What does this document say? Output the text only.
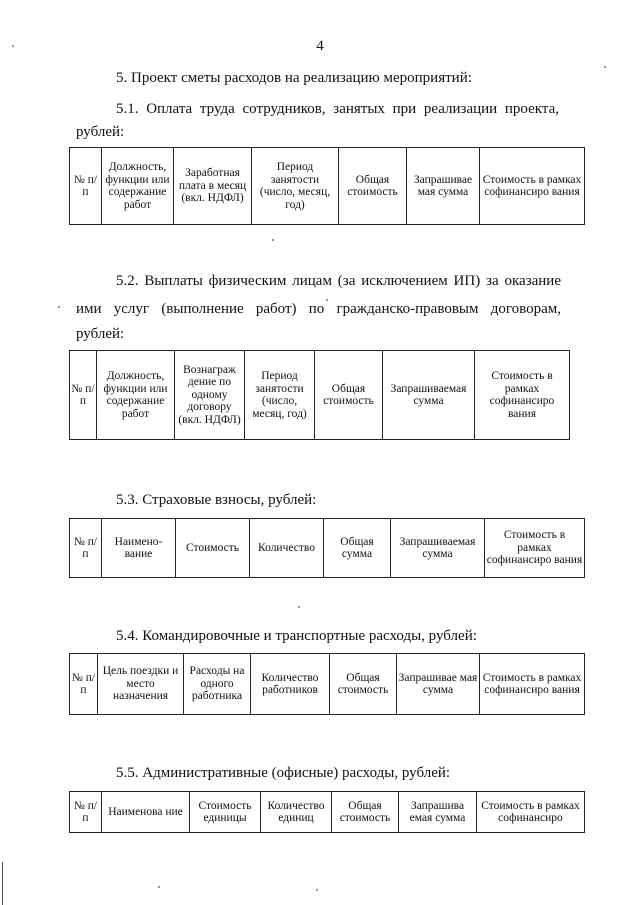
4
5. Проект сметы расходов на реализацию мероприятий:
5.1. Оплата труда сотрудников, занятых при реализации проекта,
рублей:
№ п/п	Должность, функции или содержание работ	Заработная плата в месяц (вкл. НДФЛ)	Период занятости (число, месяц, год)	Общая стоимость	Запрашивае мая сумма	Стоимость в рамках софинансиро вания
5.2. Выплаты физическим лицам (за исключением ИП) за оказание
ими услуг (выполнение работ) по гражданско-правовым договорам,
рублей:
№ п/п	Должность, функции или содержание работ	Вознаграж дение по одному договору (вкл. НДФЛ)	Период занятости (число, месяц, год)	Общая стоимость	Запрашиваемая сумма	Стоимость в рамках софинансиро вания
5.3. Страховые взносы, рублей:
№ п/п	Наименование	Стоимость	Количество	Общая сумма	Запрашиваемая сумма	Стоимость в рамках софинансиро вания
5.4. Командировочные и транспортные расходы, рублей:
№ п/п	Цель поездки и место назначения	Расходы на одного работника	Количество работников	Общая стоимость	Запрашивае мая сумма	Стоимость в рамках софинансиро вания
5.5. Административные (офисные) расходы, рублей:
№ п/п	Наименова ние	Стоимость единицы	Количество единиц	Общая стоимость	Запрашива емая сумма	Стоимость в рамках софинансиро
